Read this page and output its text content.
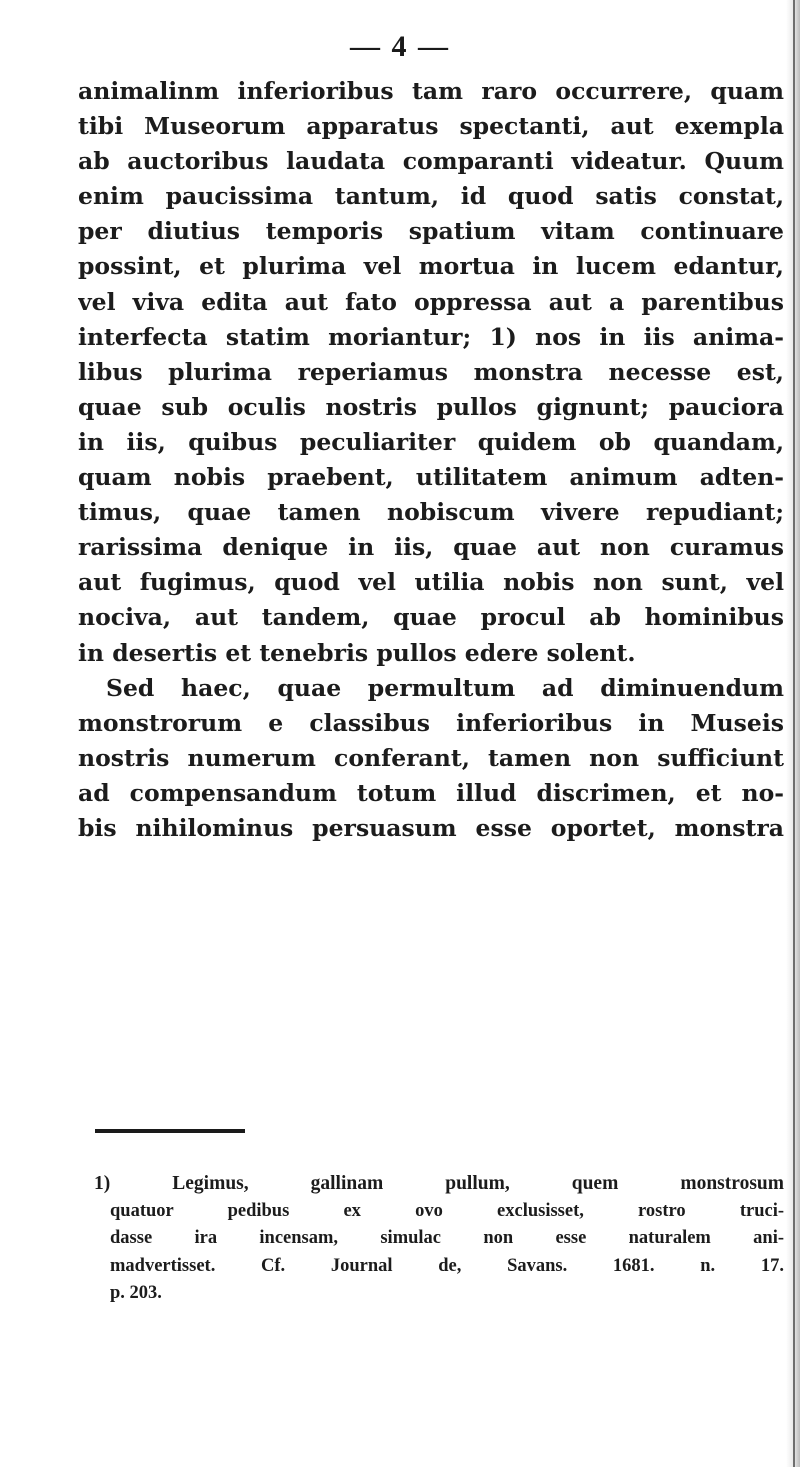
— 4 —
animalinm inferioribus tam raro occurrere, quam
tibi Museorum apparatus spectanti, aut exempla
ab auctoribus laudata comparanti videatur. Quum
enim paucissima tantum, id quod satis constat,
per diutius temporis spatium vitam continuare
possint, et plurima vel mortua in lucem edantur,
vel viva edita aut fato oppressa aut a parentibus
interfecta statim moriantur; 1) nos in iis anima-
libus plurima reperiamus monstra necesse est,
quae sub oculis nostris pullos gignunt; pauciora
in iis, quibus peculiariter quidem ob quandam,
quam nobis praebent, utilitatem animum adten-
timus, quae tamen nobiscum vivere repudiant;
rarissima denique in iis, quae aut non curamus
aut fugimus, quod vel utilia nobis non sunt, vel
nociva, aut tandem, quae procul ab hominibus
in desertis et tenebris pullos edere solent.
Sed haec, quae permultum ad diminuendum
monstrorum e classibus inferioribus in Museis
nostris numerum conferant, tamen non sufficiunt
ad compensandum totum illud discrimen, et no-
bis nihilominus persuasum esse oportet, monstra
1) Legimus, gallinam pullum, quem monstrosum
quatuor pedibus ex ovo exclusisset, rostro truci-
dasse ira incensam, simulac non esse naturalem ani-
madvertisset. Cf. Journal de, Savans. 1681. n. 17.
p. 203.
